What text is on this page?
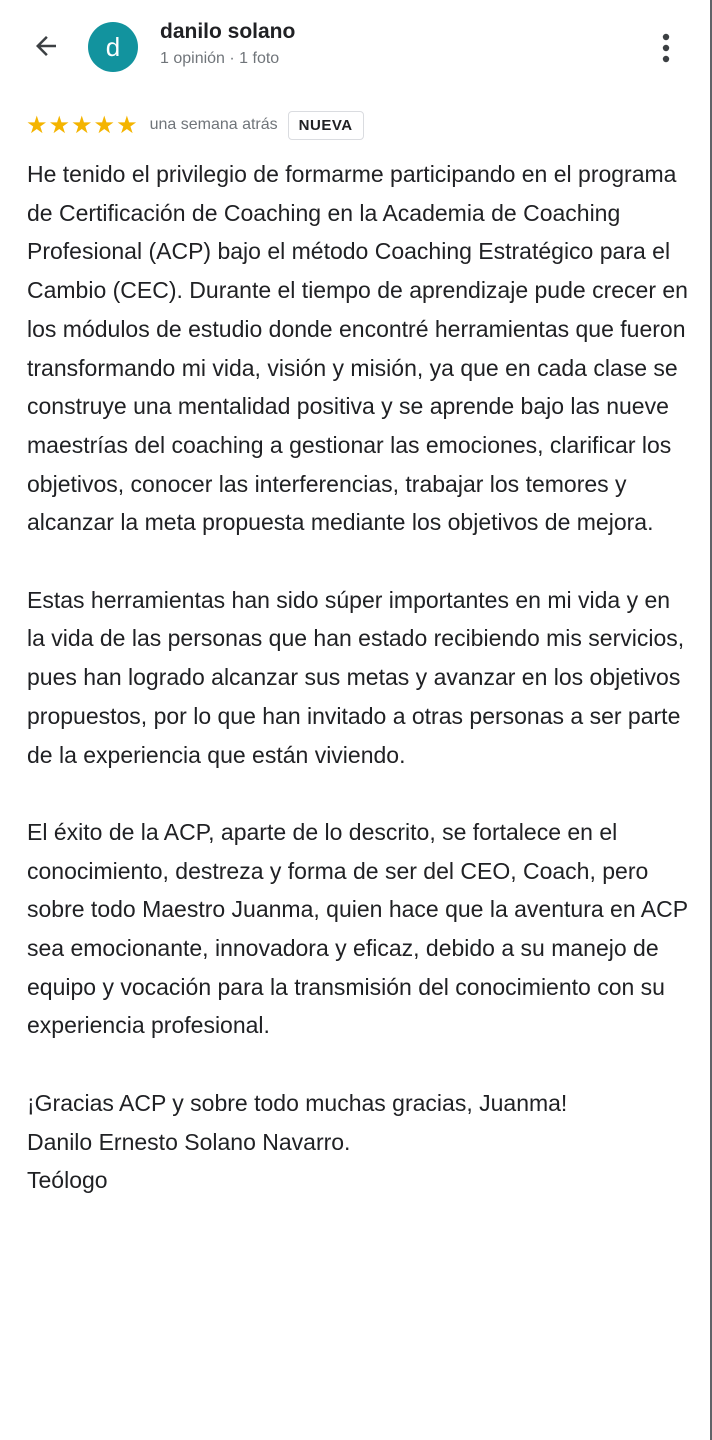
d danilo solano
1 opinión · 1 foto
★ ★ ★ ★ ★ una semana atrás	NUEVA

He tenido el privilegio de formarme participando en el programa de Certificación de Coaching en la Academia de Coaching Profesional (ACP) bajo el método Coaching Estratégico para el Cambio (CEC). Durante el tiempo de aprendizaje pude crecer en los módulos de estudio donde encontré herramientas que fueron transformando mi vida, visión y misión, ya que en cada clase se construye una mentalidad positiva y se aprende bajo las nueve maestrías del coaching a gestionar las emociones, clarificar los objetivos, conocer las interferencias, trabajar los temores y alcanzar la meta propuesta mediante los objetivos de mejora.

Estas herramientas han sido súper importantes en mi vida y en la vida de las personas que han estado recibiendo mis servicios, pues han logrado alcanzar sus metas y avanzar en los objetivos propuestos, por lo que han invitado a otras personas a ser parte de la experiencia que están viviendo.

El éxito de la ACP, aparte de lo descrito, se fortalece en el conocimiento, destreza y forma de ser del CEO, Coach, pero sobre todo Maestro Juanma, quien hace que la aventura en ACP sea emocionante, innovadora y eficaz, debido a su manejo de equipo y vocación para la transmisión del conocimiento con su experiencia profesional.

¡Gracias ACP y sobre todo muchas gracias, Juanma!
Danilo Ernesto Solano Navarro.
Teólogo
